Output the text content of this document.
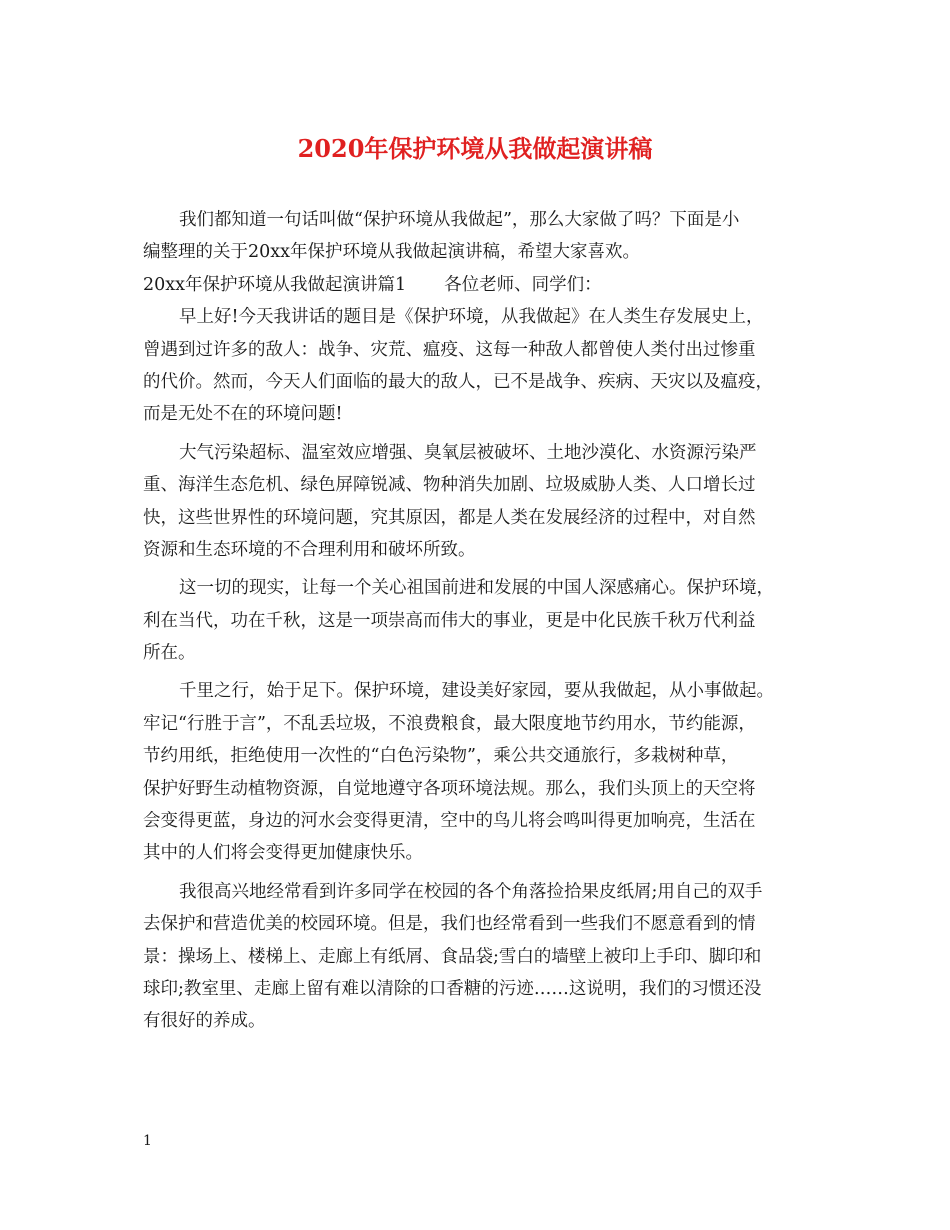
2020年保护环境从我做起演讲稿
我们都知道一句话叫做“保护环境从我做起”，那么大家做了吗？下面是小
编整理的关于20xx年保护环境从我做起演讲稿，希望大家喜欢。
20xx年保护环境从我做起演讲篇1 各位老师、同学们：
早上好!今天我讲话的题目是《保护环境，从我做起》在人类生存发展史上，
曾遇到过许多的敌人：战争、灾荒、瘟疫、这每一种敌人都曾使人类付出过惨重
的代价。然而，今天人们面临的最大的敌人，已不是战争、疾病、天灾以及瘟疫，
而是无处不在的环境问题!
大气污染超标、温室效应增强、臭氧层被破坏、土地沙漠化、水资源污染严
重、海洋生态危机、绿色屏障锐减、物种消失加剧、垃圾威胁人类、人口增长过
快，这些世界性的环境问题，究其原因，都是人类在发展经济的过程中，对自然
资源和生态环境的不合理利用和破坏所致。
这一切的现实，让每一个关心祖国前进和发展的中国人深感痛心。保护环境，
利在当代，功在千秋，这是一项崇高而伟大的事业，更是中化民族千秋万代利益
所在。
千里之行，始于足下。保护环境，建设美好家园，要从我做起，从小事做起。
牢记“行胜于言”，不乱丢垃圾，不浪费粮食，最大限度地节约用水，节约能源，
节约用纸，拒绝使用一次性的“白色污染物”，乘公共交通旅行，多栽树种草，
保护好野生动植物资源，自觉地遵守各项环境法规。那么，我们头顶上的天空将
会变得更蓝，身边的河水会变得更清，空中的鸟儿将会鸣叫得更加响亮，生活在
其中的人们将会变得更加健康快乐。
我很高兴地经常看到许多同学在校园的各个角落捡拾果皮纸屑;用自己的双手
去保护和营造优美的校园环境。但是，我们也经常看到一些我们不愿意看到的情
景：操场上、楼梯上、走廊上有纸屑、食品袋;雪白的墙壁上被印上手印、脚印和
球印;教室里、走廊上留有难以清除的口香糖的污迹……这说明，我们的习惯还没
有很好的养成。
1
